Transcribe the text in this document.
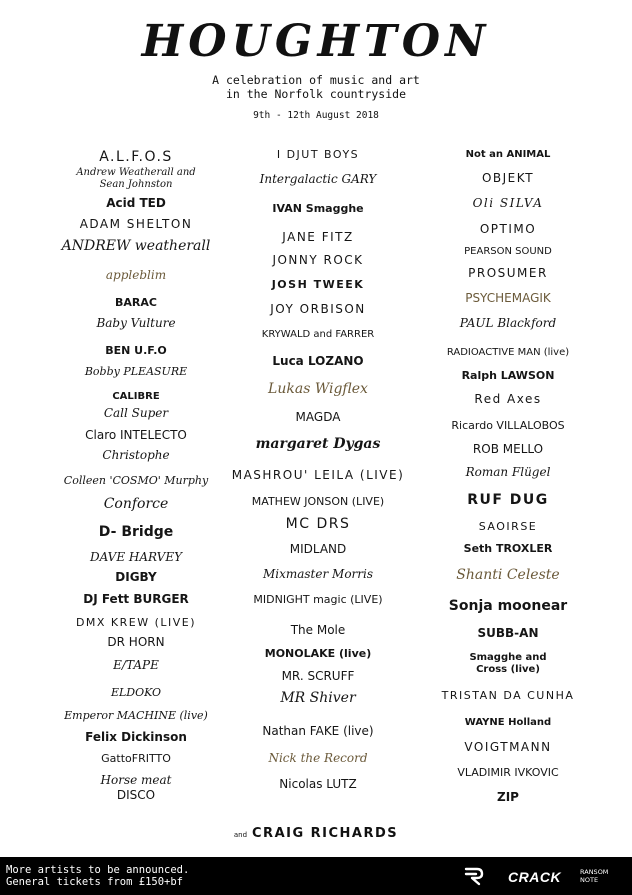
HOUGHTON
A celebration of music and art
in the Norfolk countryside
9th - 12th August 2018
A.L.F.O.S
Andrew Weatherall and
Sean Johnston
Acid TED
ADAM SHELTON
ANDREW weatherall
appleblim
BARAC
Baby Vulture
BEN U.F.O
Bobby PLEASURE
CALIBRE
Call Super
Claro INTELECTO
Christophe
Colleen 'COSMO' Murphy
Conforce
D- Bridge
DAVE HARVEY
DIGBY
DJ Fett BURGER
DMX KREW (LIVE)
DR HORN
E/TAPE
ELDOKO
Emperor MACHINE (live)
Felix Dickinson
GattoFRITTO
Horse meat
DISCO
I DJUT BOYS
Intergalactic GARY
IVAN Smagghe
JANE FITZ
JONNY ROCK
JOSH TWEEK
JOY ORBISON
KRYWALD and FARRER
Luca LOZANO
Lukas Wigflex
MAGDA
margaret Dygas
MASHROU' LEILA (LIVE)
MATHEW JONSON (LIVE)
MC DRS
MIDLAND
Mixmaster Morris
MIDNIGHT magic (LIVE)
The Mole
MONOLAKE (live)
MR. SCRUFF
MR Shiver
Nathan FAKE (live)
Nick the Record
Nicolas LUTZ
Not an ANIMAL
OBJEKT
Oli SILVA
OPTIMO
PEARSON SOUND
PROSUMER
PSYCHEMAGIK
PAUL Blackford
RADIOACTIVE MAN (live)
Ralph LAWSON
Red Axes
Ricardo VILLALOBOS
ROB MELLO
Roman Flügel
RUF DUG
SAOIRSE
Seth TROXLER
Shanti Celeste
Sonja moonear
SUBB-AN
Smagghe and
Cross (live)
TRISTAN DA CUNHA
WAYNE Holland
VOIGTMANN
VLADIMIR IVKOVIC
ZIP
and CRAIG RICHARDS
More artists to be announced.
General tickets from £150+bf	CRACK	RANSOM
NOTE
